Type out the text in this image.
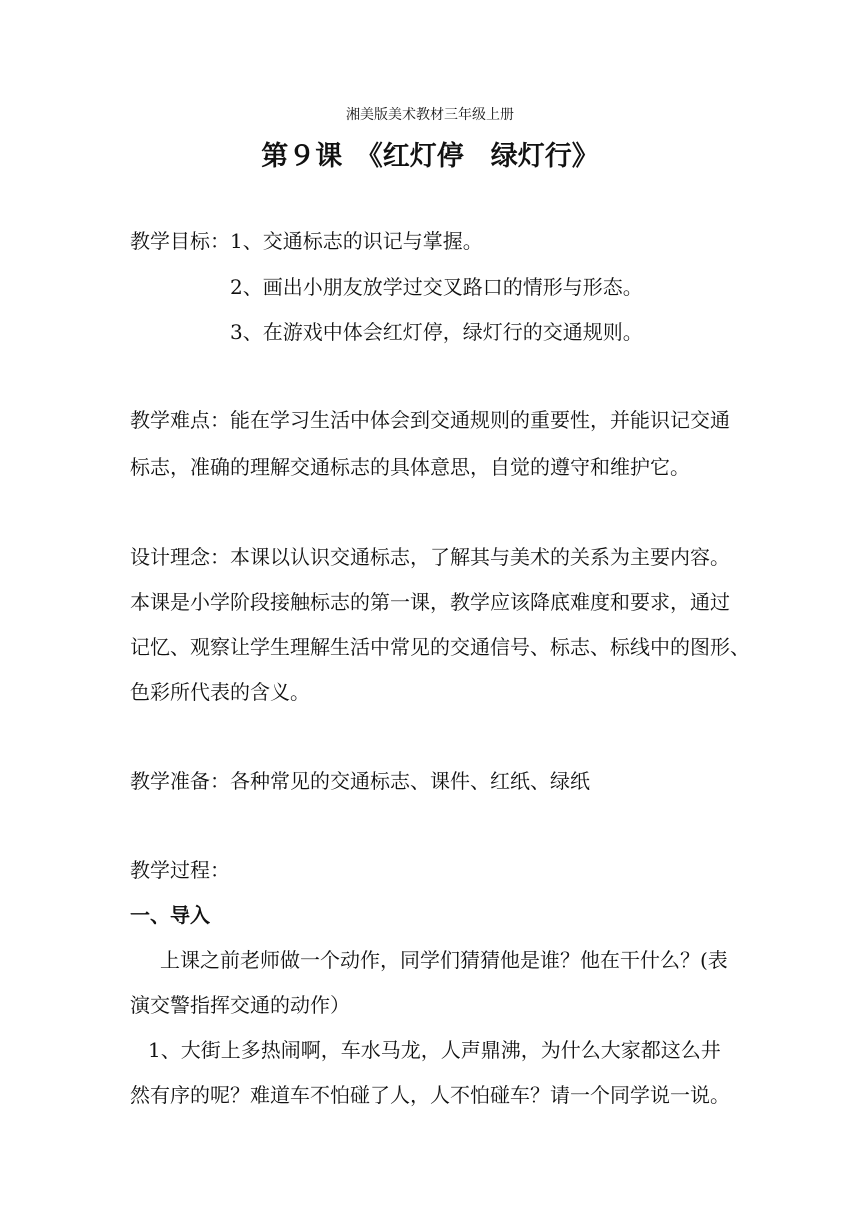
湘美版美术教材三年级上册
第９课　《红灯停　绿灯行》
教学目标：1、交通标志的识记与掌握。
2、画出小朋友放学过交叉路口的情形与形态。
3、在游戏中体会红灯停，绿灯行的交通规则。
教学难点：能在学习生活中体会到交通规则的重要性，并能识记交通
标志，准确的理解交通标志的具体意思，自觉的遵守和维护它。
设计理念：本课以认识交通标志，了解其与美术的关系为主要内容。
本课是小学阶段接触标志的第一课，教学应该降底难度和要求，通过
记忆、观察让学生理解生活中常见的交通信号、标志、标线中的图形、
色彩所代表的含义。
教学准备：各种常见的交通标志、课件、红纸、绿纸
教学过程：
一、导入
上课之前老师做一个动作，同学们猜猜他是谁？他在干什么？(表
演交警指挥交通的动作）
1、大街上多热闹啊，车水马龙，人声鼎沸，为什么大家都这么井
然有序的呢？难道车不怕碰了人，人不怕碰车？请一个同学说一说。
